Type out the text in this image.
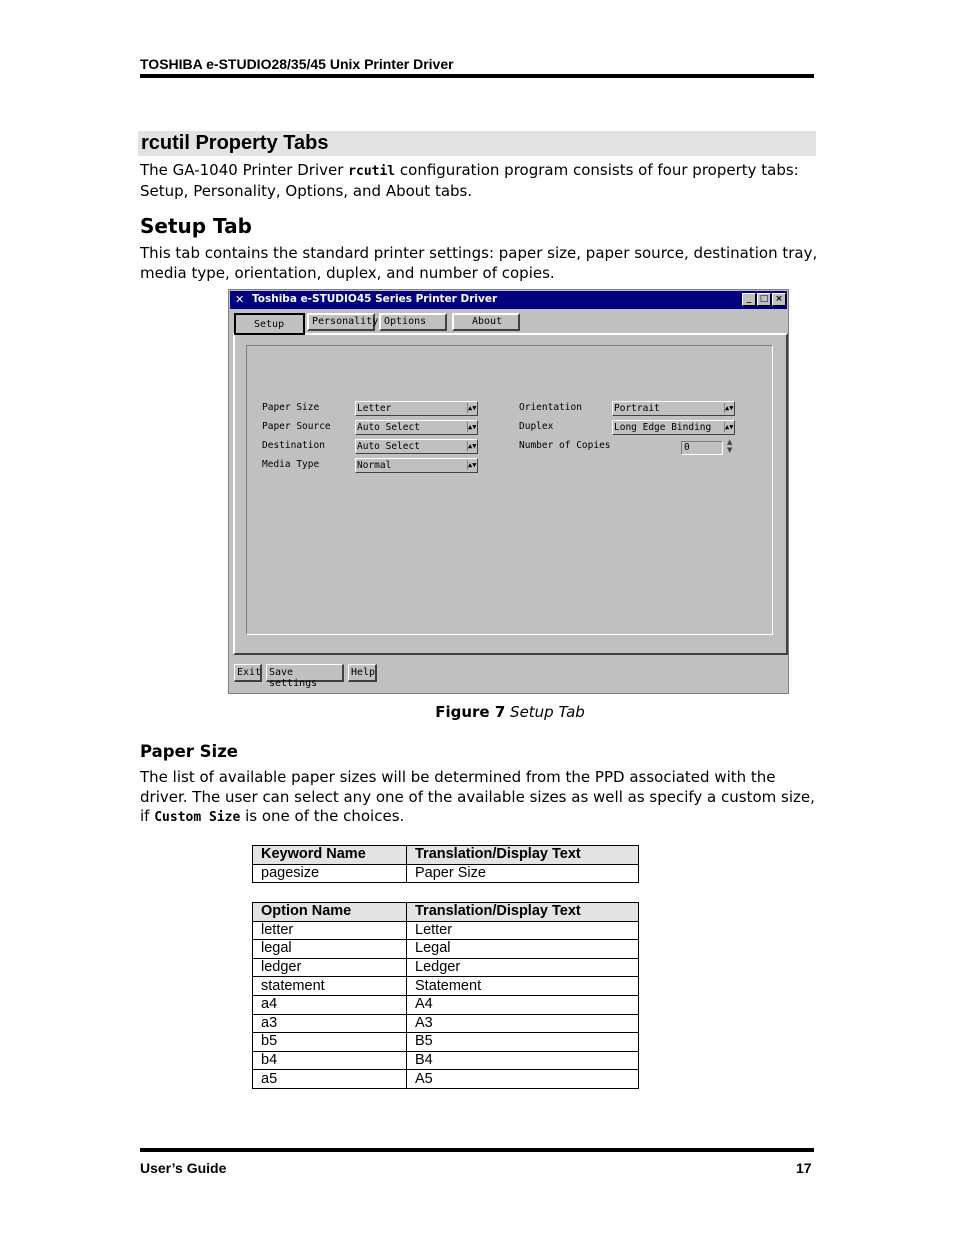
TOSHIBA e-STUDIO28/35/45 Unix Printer Driver
rcutil Property Tabs
The GA-1040 Printer Driver rcutil configuration program consists of four property tabs: Setup, Personality, Options, and About tabs.
Setup Tab
This tab contains the standard printer settings: paper size, paper source, destination tray, media type, orientation, duplex, and number of copies.
✕ Toshiba e-STUDIO45 Series Printer Driver	_ □ ×
Setup	Personality Options	About
Paper Size	Letter	▲▼
Paper Source	Auto Select	▲▼
Destination	Auto Select	▲▼
Media Type	Normal	▲▼
Orientation	Portrait	▲▼
Duplex	Long Edge Binding ▲▼
Number of Copies	0	▲
▼
Exit Save settings
Help
Figure 7 Setup Tab
Paper Size
The list of available paper sizes will be determined from the PPD associated with the driver. The user can select any one of the available sizes as well as specify a custom size, if Custom Size is one of the choices.
Keyword Name	Translation/Display Text
pagesize	Paper Size
Option Name	Translation/Display Text
letter	Letter
legal	Legal
ledger	Ledger
statement	Statement
a4	A4
a3	A3
b5	B5
b4	B4
a5	A5
User’s Guide	17
